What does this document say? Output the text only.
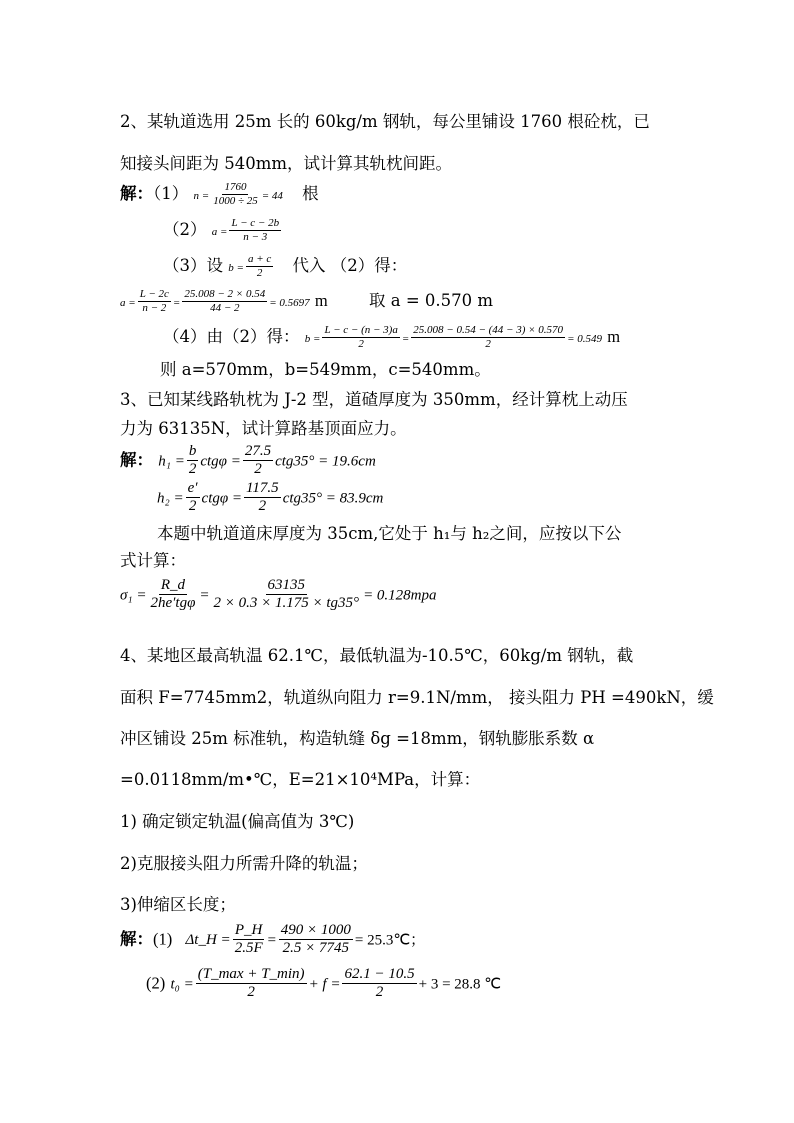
2、某轨道选用 25m 长的 60kg/m 钢轨，每公里铺设 1760 根砼枕，已
知接头间距为 540mm，试计算其轨枕间距。
解：（1） $n = \frac{1760}{1000 \div 25} = 44$ 根
（2） $a = \frac{L - c - 2b}{n - 3}$
（3）设 $b = \frac{a + c}{2}$ 代入 （2）得：
$a = \frac{L - 2c}{n - 2} = \frac{25.008 - 2 \times 0.54}{44 - 2} = 0.5697$ m	取 a = 0.570 m
（4）由（2）得： $b = \frac{L - c - (n - 3)a}{2} = \frac{25.008 - 0.54 - (44 - 3) \times 0.570}{2} = 0.549$ m
则 a=570mm，b=549mm，c=540mm。
3、已知某线路轨枕为 J-2 型，道碴厚度为 350mm，经计算枕上动压
力为 63135N，试计算路基顶面应力。
解： $h_1 = \frac{b}{2}$ $ctg\varphi = \frac{27.5}{2} ctg35^\circ = 19.6cm$
$h_2 = \frac{e'}{2}$ $ctg\varphi = \frac{117.5}{2} ctg35^\circ = 83.9cm$
本题中轨道道床厚度为 35cm,它处于 h₁与 h₂之间，应按以下公
式计算：
$\sigma_1 = \frac{R\_d}{\text{2he′tgφ}} = \frac{63135}{2 \times 0.3 \times 1.175 \times tg35^\circ} = 0.128mpa$
4、某地区最高轨温 62.1℃，最低轨温为-10.5℃，60kg/m 钢轨，截
面积 F=7745mm2，轨道纵向阻力 r=9.1N/mm， 接头阻力 PH =490kN，缓
冲区铺设 25m 标准轨，构造轨缝 δg =18mm，钢轨膨胀系数 α
=0.0118mm/m•℃，E=21×10⁴MPa，计算：
1) 确定锁定轨温(偏高值为 3℃)
2)克服接头阻力所需升降的轨温；
3)伸缩区长度；
解：(1) Δt_H = $\frac{P\_H}{2.5F} = \frac{490 \times 1000}{2.5 \times 7745}$ = 25.3℃；
(2) $t_0 = \frac{(T\_\max + T\_\min)}{2} + f = \frac{62.1 - 10.5}{2} + 3 = 28.8$ ℃
